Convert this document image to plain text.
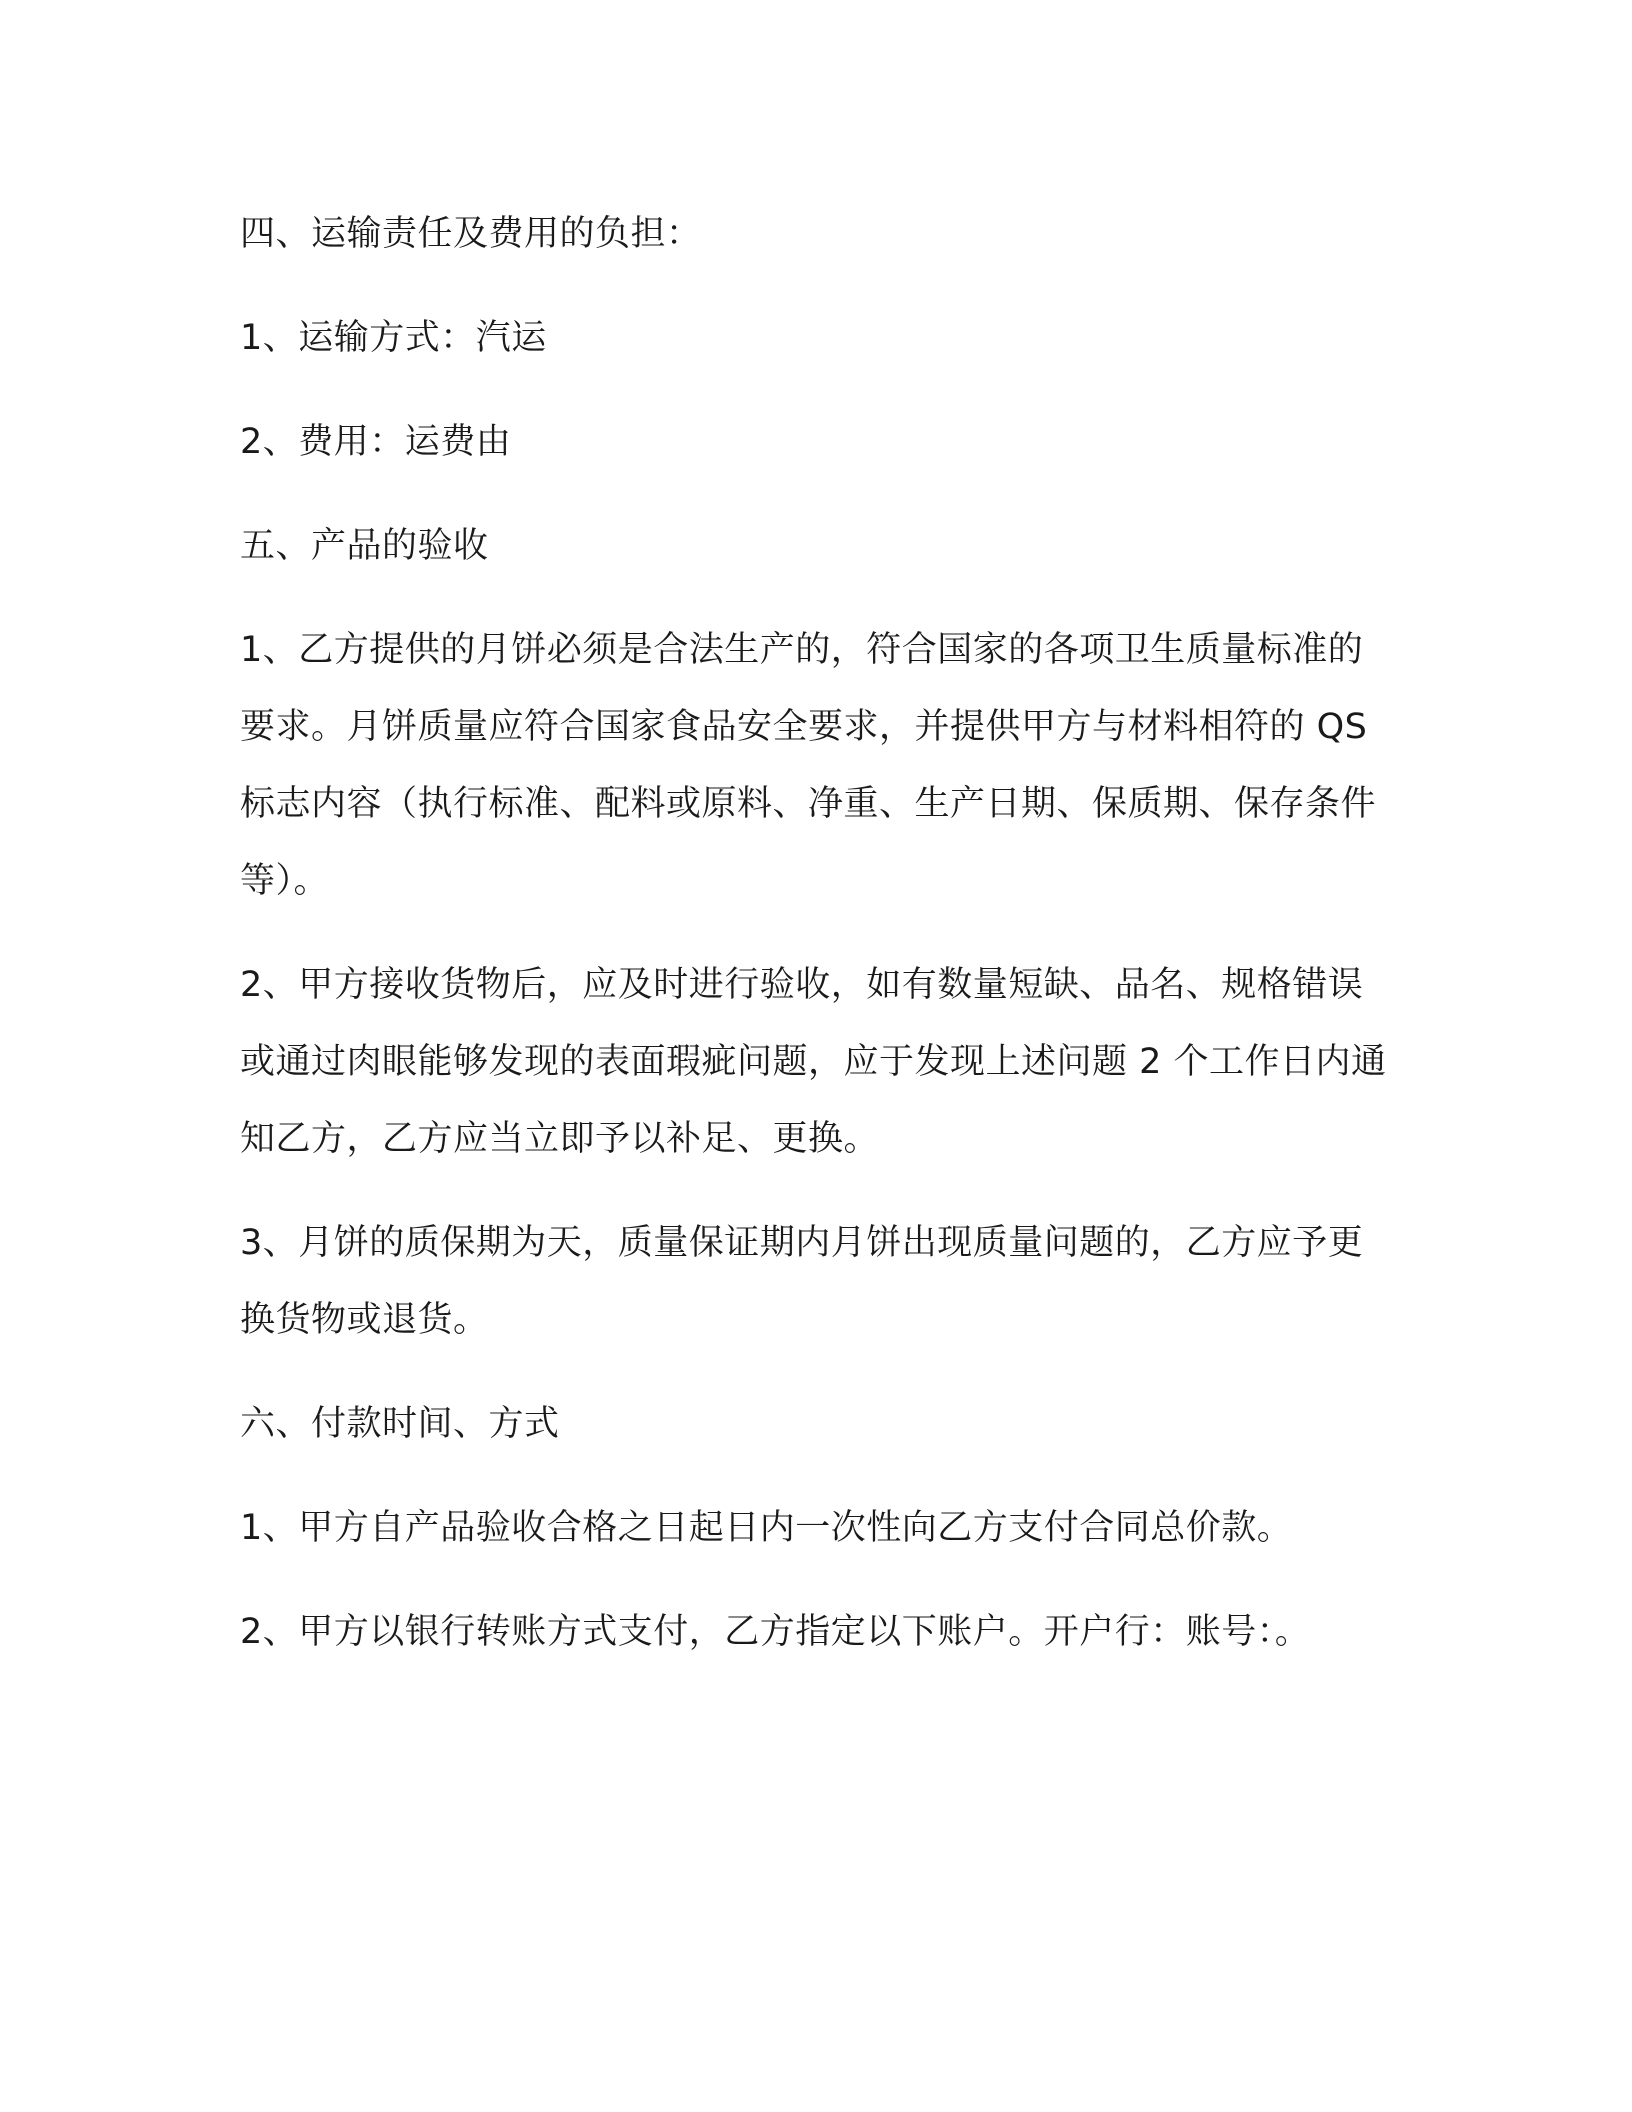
四、运输责任及费用的负担：

1、运输方式：汽运

2、费用：运费由

五、产品的验收

1、乙方提供的月饼必须是合法生产的，符合国家的各项卫生质量标准的要求。月饼质量应符合国家食品安全要求，并提供甲方与材料相符的 QS 标志内容（执行标准、配料或原料、净重、生产日期、保质期、保存条件等）。

2、甲方接收货物后，应及时进行验收，如有数量短缺、品名、规格错误或通过肉眼能够发现的表面瑕疵问题，应于发现上述问题 2 个工作日内通知乙方，乙方应当立即予以补足、更换。

3、月饼的质保期为天，质量保证期内月饼出现质量问题的，乙方应予更换货物或退货。

六、付款时间、方式

1、甲方自产品验收合格之日起日内一次性向乙方支付合同总价款。

2、甲方以银行转账方式支付，乙方指定以下账户。开户行：账号：。
